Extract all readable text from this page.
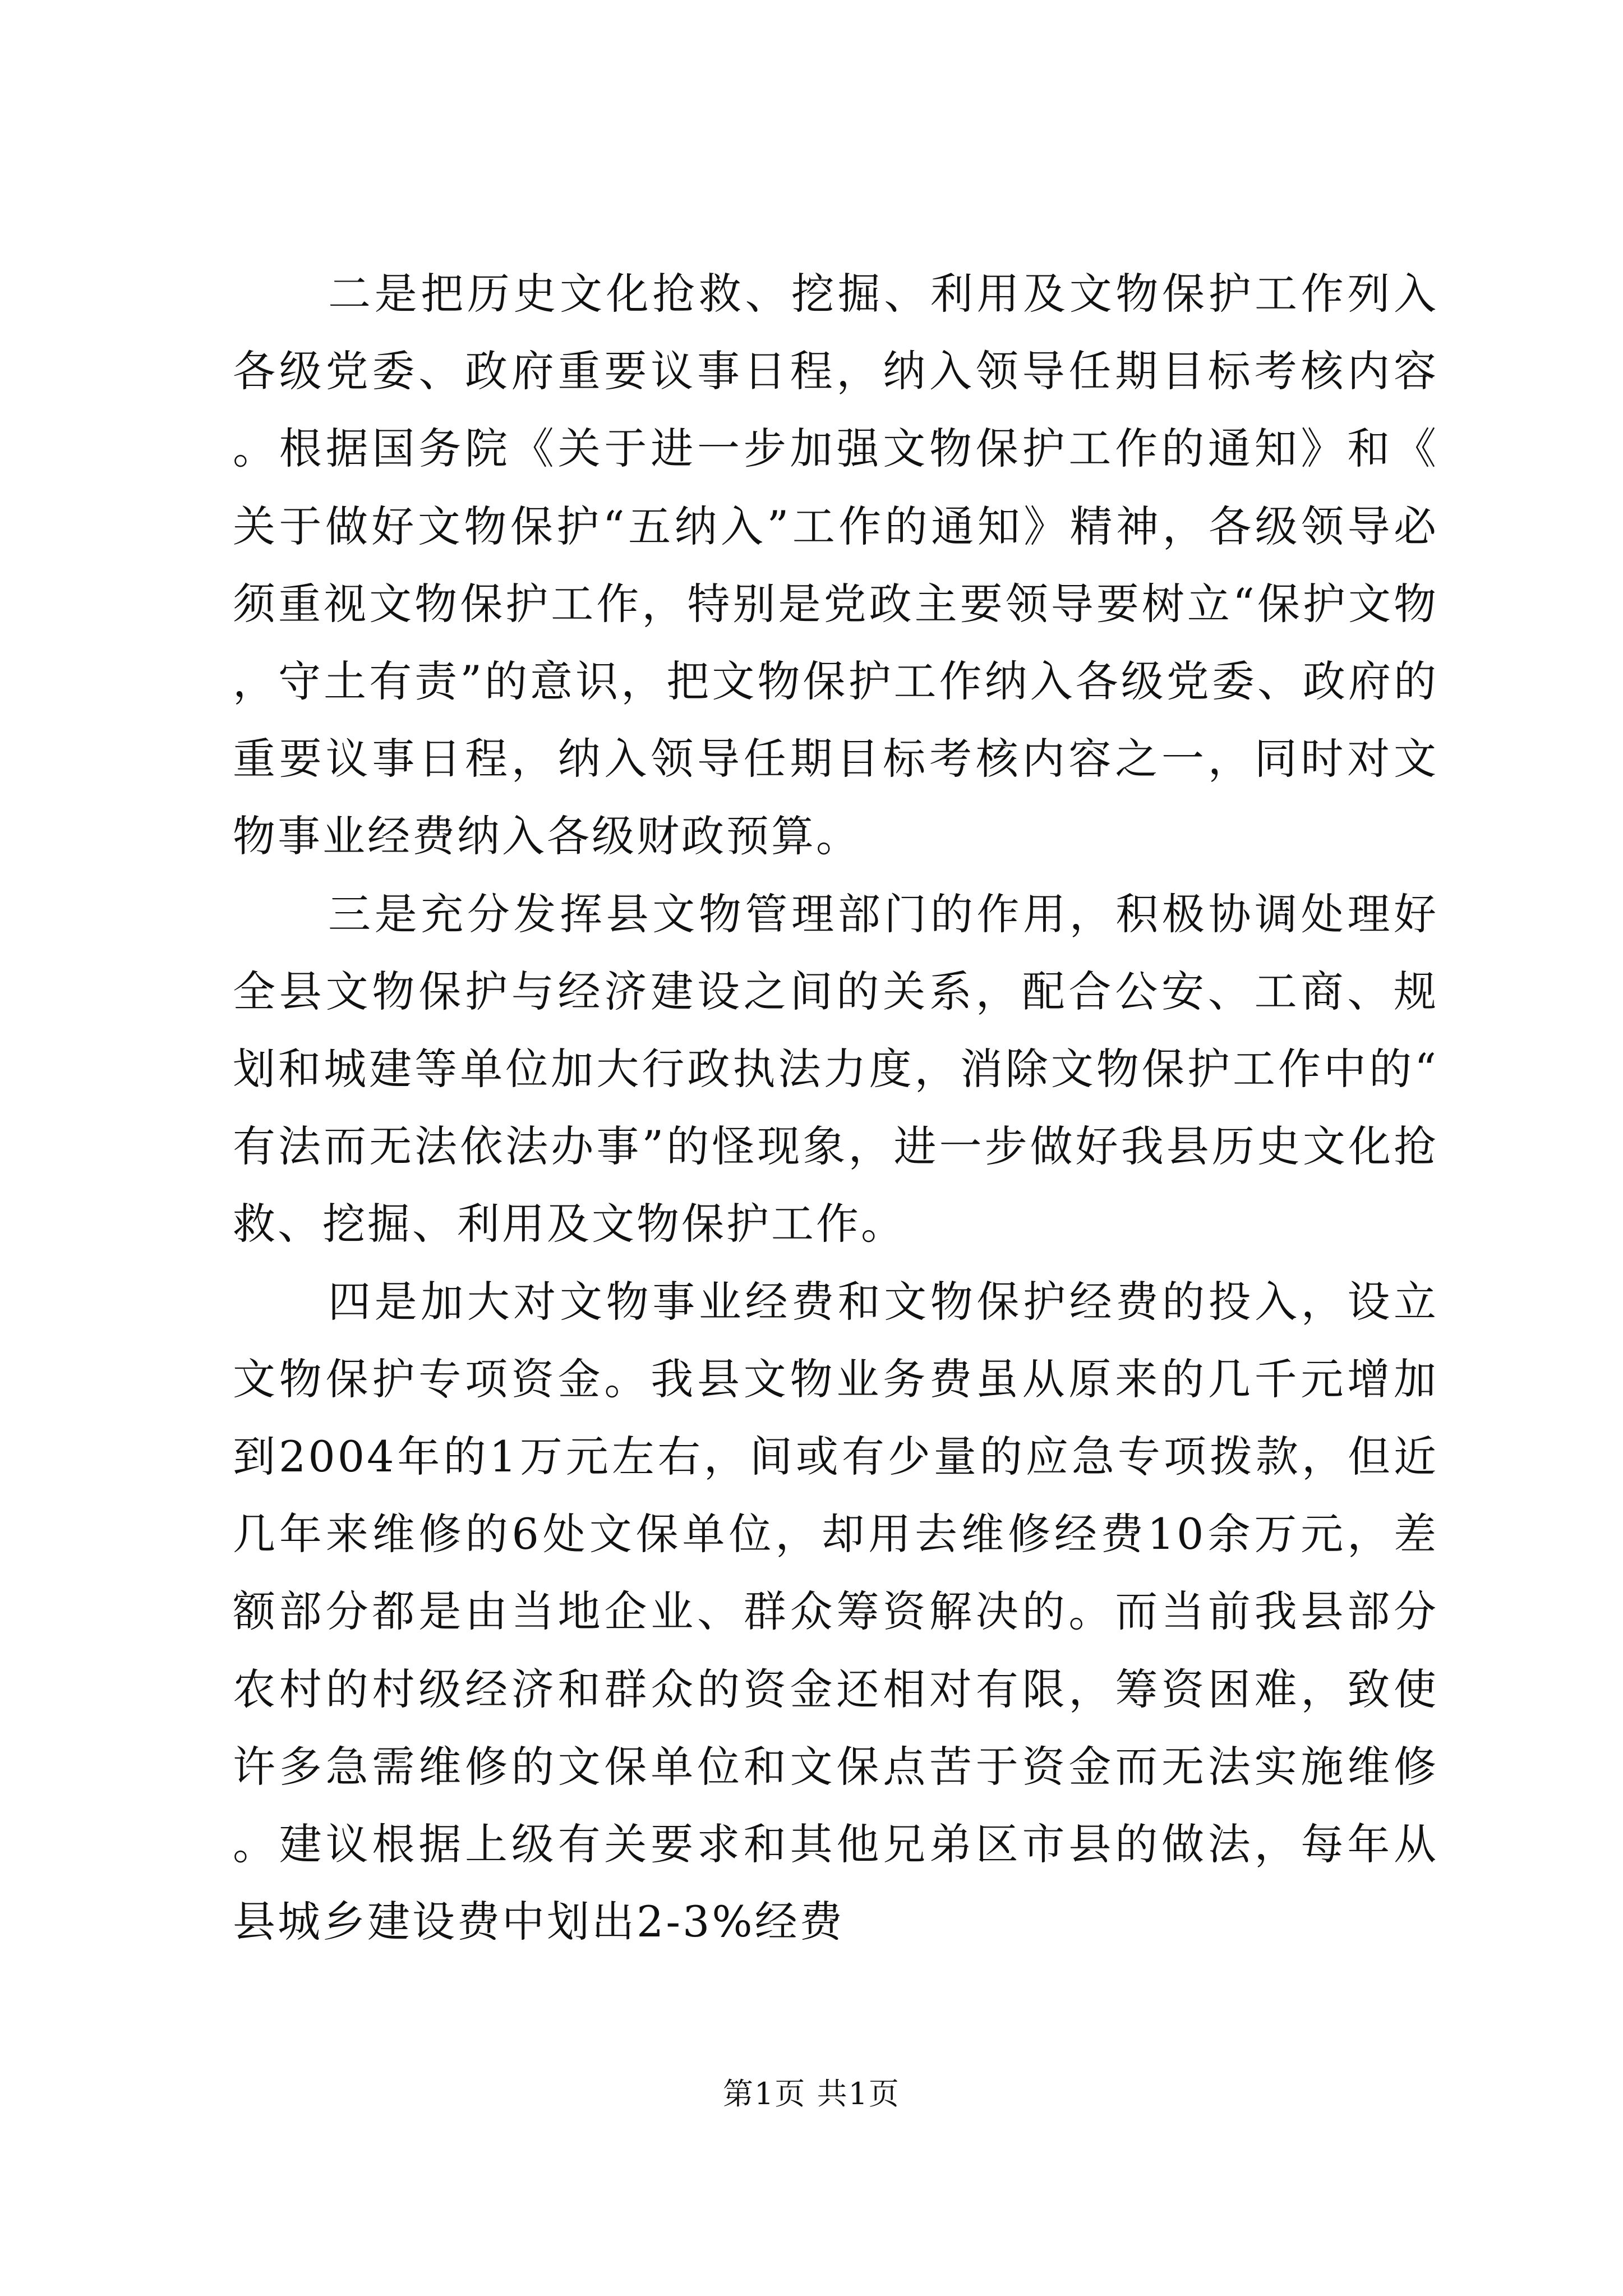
二是把历史文化抢救、挖掘、利用及文物保护工作列入各级党委、政府重要议事日程，纳入领导任期目标考核内容。根据国务院《关于进一步加强文物保护工作的通知》和《关于做好文物保护“五纳入”工作的通知》精神，各级领导必须重视文物保护工作，特别是党政主要领导要树立“保护文物，守土有责”的意识，把文物保护工作纳入各级党委、政府的重要议事日程，纳入领导任期目标考核内容之一，同时对文物事业经费纳入各级财政预算。

三是充分发挥县文物管理部门的作用，积极协调处理好全县文物保护与经济建设之间的关系，配合公安、工商、规划和城建等单位加大行政执法力度，消除文物保护工作中的“有法而无法依法办事”的怪现象，进一步做好我县历史文化抢救、挖掘、利用及文物保护工作。

四是加大对文物事业经费和文物保护经费的投入，设立文物保护专项资金。我县文物业务费虽从原来的几千元增加到2004年的1万元左右，间或有少量的应急专项拨款，但近几年来维修的6处文保单位，却用去维修经费10余万元，差额部分都是由当地企业、群众筹资解决的。而当前我县部分农村的村级经济和群众的资金还相对有限，筹资困难，致使许多急需维修的文保单位和文保点苦于资金而无法实施维修。建议根据上级有关要求和其他兄弟区市县的做法，每年从县城乡建设费中划出2-3%经费

第1页 共1页
